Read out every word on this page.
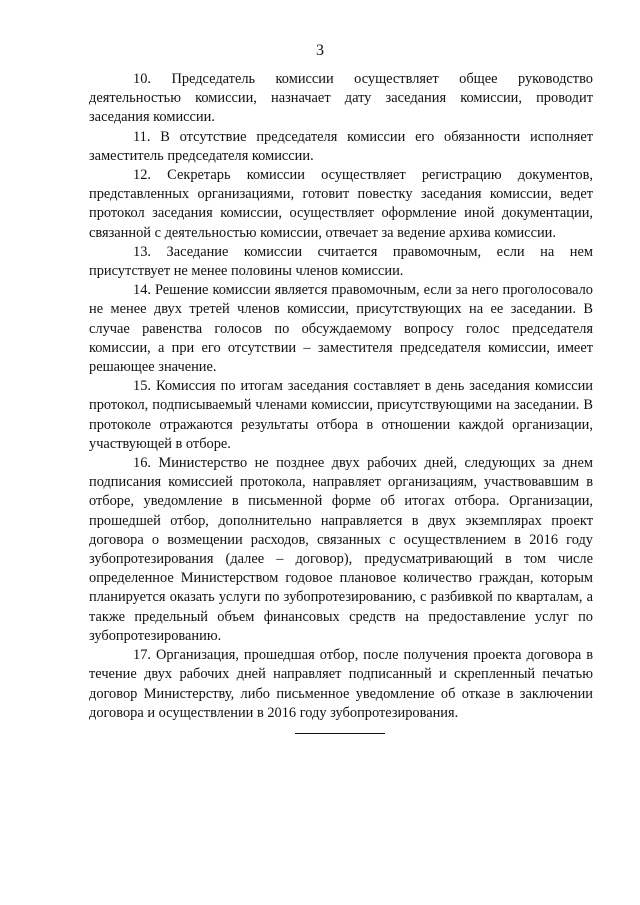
3

10. Председатель комиссии осуществляет общее руководство деятельностью комиссии, назначает дату заседания комиссии, проводит заседания комиссии.

11. В отсутствие председателя комиссии его обязанности исполняет заместитель председателя комиссии.

12. Секретарь комиссии осуществляет регистрацию документов, представленных организациями, готовит повестку заседания комиссии, ведет протокол заседания комиссии, осуществляет оформление иной документации, связанной с деятельностью комиссии, отвечает за ведение архива комиссии.

13. Заседание комиссии считается правомочным, если на нем присутствует не менее половины членов комиссии.

14. Решение комиссии является правомочным, если за него проголосовало не менее двух третей членов комиссии, присутствующих на ее заседании. В случае равенства голосов по обсуждаемому вопросу голос председателя комиссии, а при его отсутствии – заместителя председателя комиссии, имеет решающее значение.

15. Комиссия по итогам заседания составляет в день заседания комиссии протокол, подписываемый членами комиссии, присутствующими на заседании. В протоколе отражаются результаты отбора в отношении каждой организации, участвующей в отборе.

16. Министерство не позднее двух рабочих дней, следующих за днем подписания комиссией протокола, направляет организациям, участвовавшим в отборе, уведомление в письменной форме об итогах отбора. Организации, прошедшей отбор, дополнительно направляется в двух экземплярах проект договора о возмещении расходов, связанных с осуществлением в 2016 году зубопротезирования (далее – договор), предусматривающий в том числе определенное Министерством годовое плановое количество граждан, которым планируется оказать услуги по зубопротезированию, с разбивкой по кварталам, а также предельный объем финансовых средств на предоставление услуг по зубопротезированию.

17. Организация, прошедшая отбор, после получения проекта договора в течение двух рабочих дней направляет подписанный и скрепленный печатью договор Министерству, либо письменное уведомление об отказе в заключении договора и осуществлении в 2016 году зубопротезирования.
